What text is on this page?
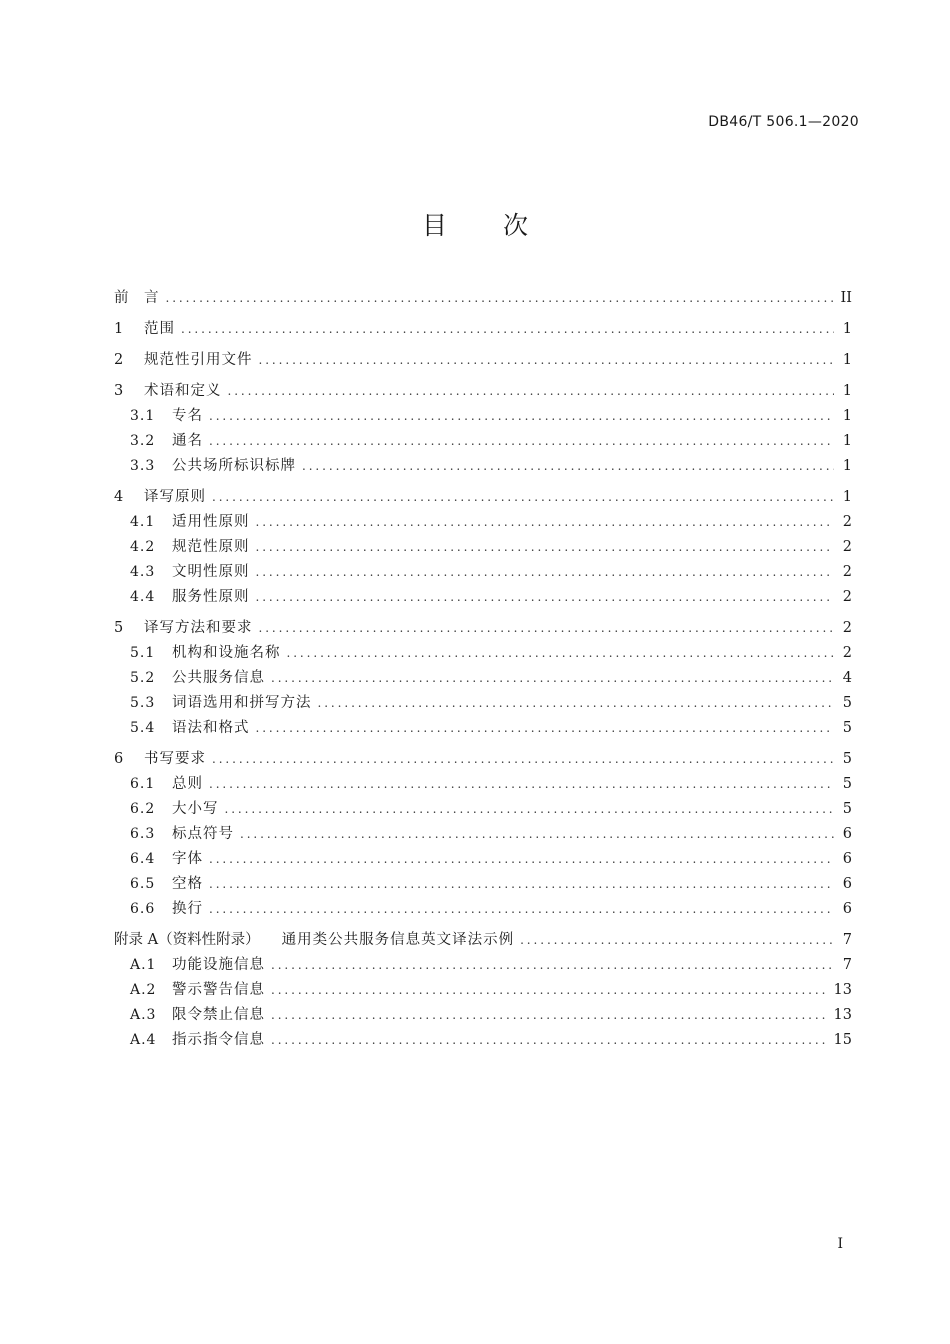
DB46/T 506.1—2020
目 次
前	言 .....	II
1	范围 .....	1
2	规范性引用文件 .....	1
3	术语和定义 .....	1
3.1	专名 .....	1
3.2	通名 .....	1
3.3	公共场所标识标牌 .....	1
4	译写原则 .....	1
4.1	适用性原则 .....	2
4.2	规范性原则 .....	2
4.3	文明性原则 .....	2
4.4	服务性原则 .....	2
5	译写方法和要求 .....	2
5.1	机构和设施名称 .....	2
5.2	公共服务信息 .....	4
5.3	词语选用和拼写方法 .....	5
5.4	语法和格式 .....	5
6	书写要求 .....	5
6.1	总则 .....	5
6.2	大小写 .....	5
6.3	标点符号 .....	6
6.4	字体 .....	6
6.5	空格 .....	6
6.6	换行 .....	6
附录 A（资料性附录） 通用类公共服务信息英文译法示例 .....	7
A.1	功能设施信息 .....	7
A.2	警示警告信息 .....	13
A.3	限令禁止信息 .....	13
A.4	指示指令信息 .....	15
I
